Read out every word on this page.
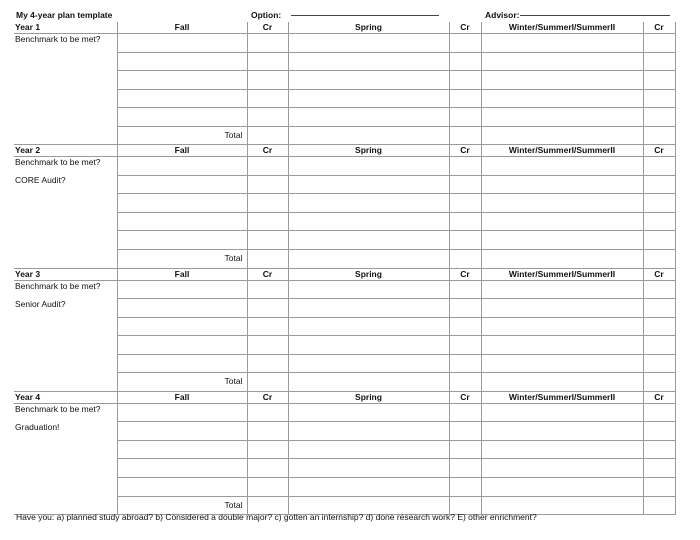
My 4-year plan template	Option:	Advisor:
Year 1	Fall	Cr	Spring	Cr	Winter/SummerI/SummerII	Cr
Benchmark to be met?						

	Total					

Year 2	Fall	Cr	Spring	Cr	Winter/SummerI/SummerII	Cr
Benchmark to be met?						
CORE Audit?						

	Total					

Year 3	Fall	Cr	Spring	Cr	Winter/SummerI/SummerII	Cr
Benchmark to be met?						
Senior Audit?						

	Total					

Year 4	Fall	Cr	Spring	Cr	Winter/SummerI/SummerII	Cr
Benchmark to be met?						
Graduation!						

	Total					

Have you: a) planned study abroad? b) Considered a double major? c) gotten an internship? d) done research work? E) other enrichment?
